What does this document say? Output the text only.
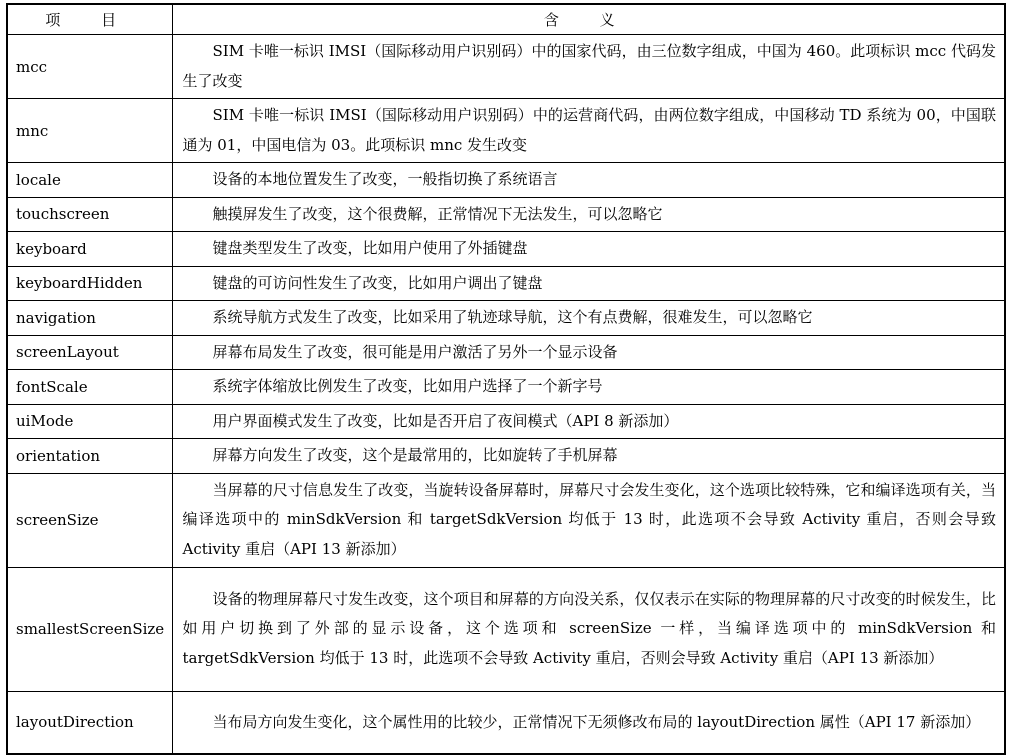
项 目	含 义
mcc	SIM 卡唯一标识 IMSI（国际移动用户识别码）中的国家代码，由三位数字组成，中国为 460。此项标识 mcc 代码发生了改变
mnc	SIM 卡唯一标识 IMSI（国际移动用户识别码）中的运营商代码，由两位数字组成，中国移动 TD 系统为 00，中国联通为 01，中国电信为 03。此项标识 mnc 发生改变
locale	设备的本地位置发生了改变，一般指切换了系统语言
touchscreen	触摸屏发生了改变，这个很费解，正常情况下无法发生，可以忽略它
keyboard	键盘类型发生了改变，比如用户使用了外插键盘
keyboardHidden	键盘的可访问性发生了改变，比如用户调出了键盘
navigation	系统导航方式发生了改变，比如采用了轨迹球导航，这个有点费解，很难发生，可以忽略它
screenLayout	屏幕布局发生了改变，很可能是用户激活了另外一个显示设备
fontScale	系统字体缩放比例发生了改变，比如用户选择了一个新字号
uiMode	用户界面模式发生了改变，比如是否开启了夜间模式（API 8 新添加）
orientation	屏幕方向发生了改变，这个是最常用的，比如旋转了手机屏幕
screenSize	当屏幕的尺寸信息发生了改变，当旋转设备屏幕时，屏幕尺寸会发生变化，这个选项比较特殊，它和编译选项有关，当编译选项中的 minSdkVersion 和 targetSdkVersion 均低于 13 时，此选项不会导致 Activity 重启，否则会导致 Activity 重启（API 13 新添加）
smallestScreenSize	设备的物理屏幕尺寸发生改变，这个项目和屏幕的方向没关系，仅仅表示在实际的物理屏幕的尺寸改变的时候发生，比如用户切换到了外部的显示设备，这个选项和 screenSize 一样，当编译选项中的 minSdkVersion 和 targetSdkVersion 均低于 13 时，此选项不会导致 Activity 重启，否则会导致 Activity 重启（API 13 新添加）
layoutDirection	当布局方向发生变化，这个属性用的比较少，正常情况下无须修改布局的 layoutDirection 属性（API 17 新添加）
